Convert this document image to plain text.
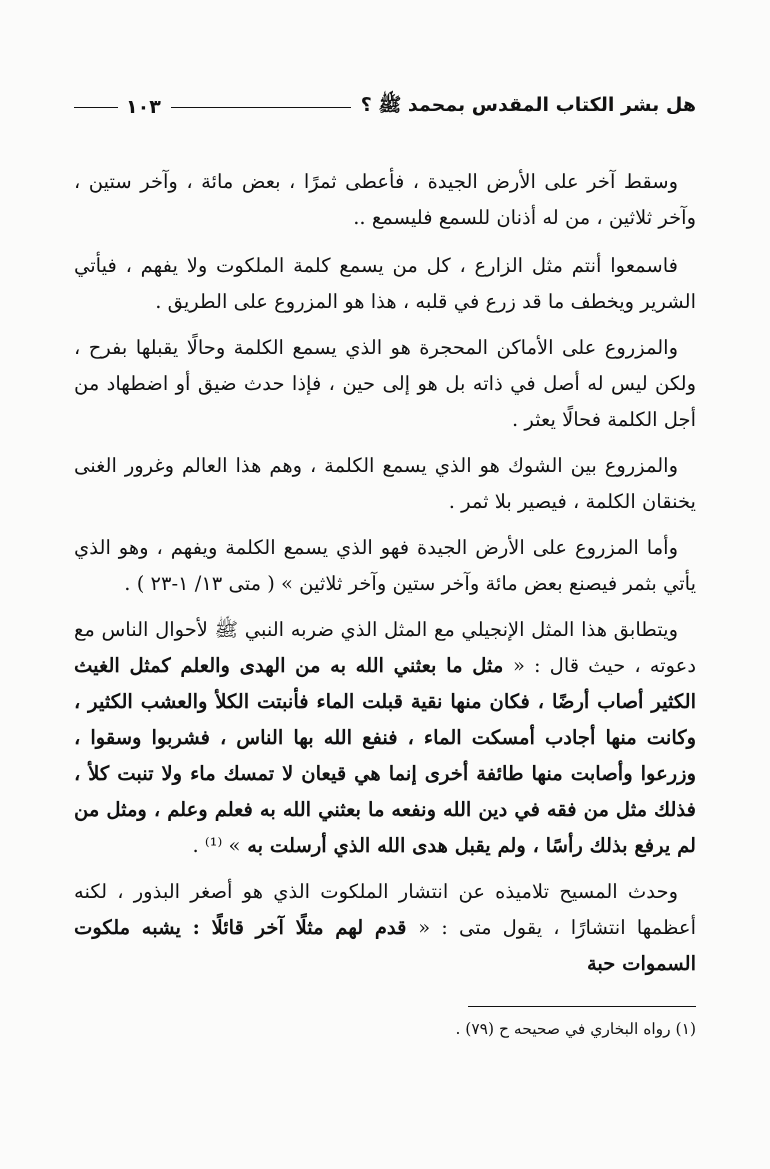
هل بشر الكتاب المقدس بمحمد ﷺ ؟
١٠٣

وسقط آخر على الأرض الجيدة ، فأعطى ثمرًا ، بعض مائة ، وآخر ستين ، وآخر ثلاثين ، من له أذنان للسمع فليسمع ..

فاسمعوا أنتم مثل الزارع ، كل من يسمع كلمة الملكوت ولا يفهم ، فيأتي الشرير ويخطف ما قد زرع في قلبه ، هذا هو المزروع على الطريق .

والمزروع على الأماكن المحجرة هو الذي يسمع الكلمة وحالًا يقبلها بفرح ، ولكن ليس له أصل في ذاته بل هو إلى حين ، فإذا حدث ضيق أو اضطهاد من أجل الكلمة فحالًا يعثر .

والمزروع بين الشوك هو الذي يسمع الكلمة ، وهم هذا العالم وغرور الغنى يخنقان الكلمة ، فيصير بلا ثمر .

وأما المزروع على الأرض الجيدة فهو الذي يسمع الكلمة ويفهم ، وهو الذي يأتي بثمر فيصنع بعض مائة وآخر ستين وآخر ثلاثين » ( متى ١٣/ ١-٢٣ ) .

ويتطابق هذا المثل الإنجيلي مع المثل الذي ضربه النبي ﷺ لأحوال الناس مع دعوته ، حيث قال : « مثل ما بعثني الله به من الهدى والعلم كمثل الغيث الكثير أصاب أرضًا ، فكان منها نقية قبلت الماء فأنبتت الكلأ والعشب الكثير ، وكانت منها أجادب أمسكت الماء ، فنفع الله بها الناس ، فشربوا وسقوا ، وزرعوا وأصابت منها طائفة أخرى إنما هي قيعان لا تمسك ماء ولا تنبت كلأ ، فذلك مثل من فقه في دين الله ونفعه ما بعثني الله به فعلم وعلم ، ومثل من لم يرفع بذلك رأسًا ، ولم يقبل هدى الله الذي أرسلت به » ⁽¹⁾ .

وحدث المسيح تلاميذه عن انتشار الملكوت الذي هو أصغر البذور ، لكنه أعظمها انتشارًا ، يقول متى : « قدم لهم مثلًا آخر قائلًا : يشبه ملكوت السموات حبة

(١) رواه البخاري في صحيحه ح (٧٩) .
